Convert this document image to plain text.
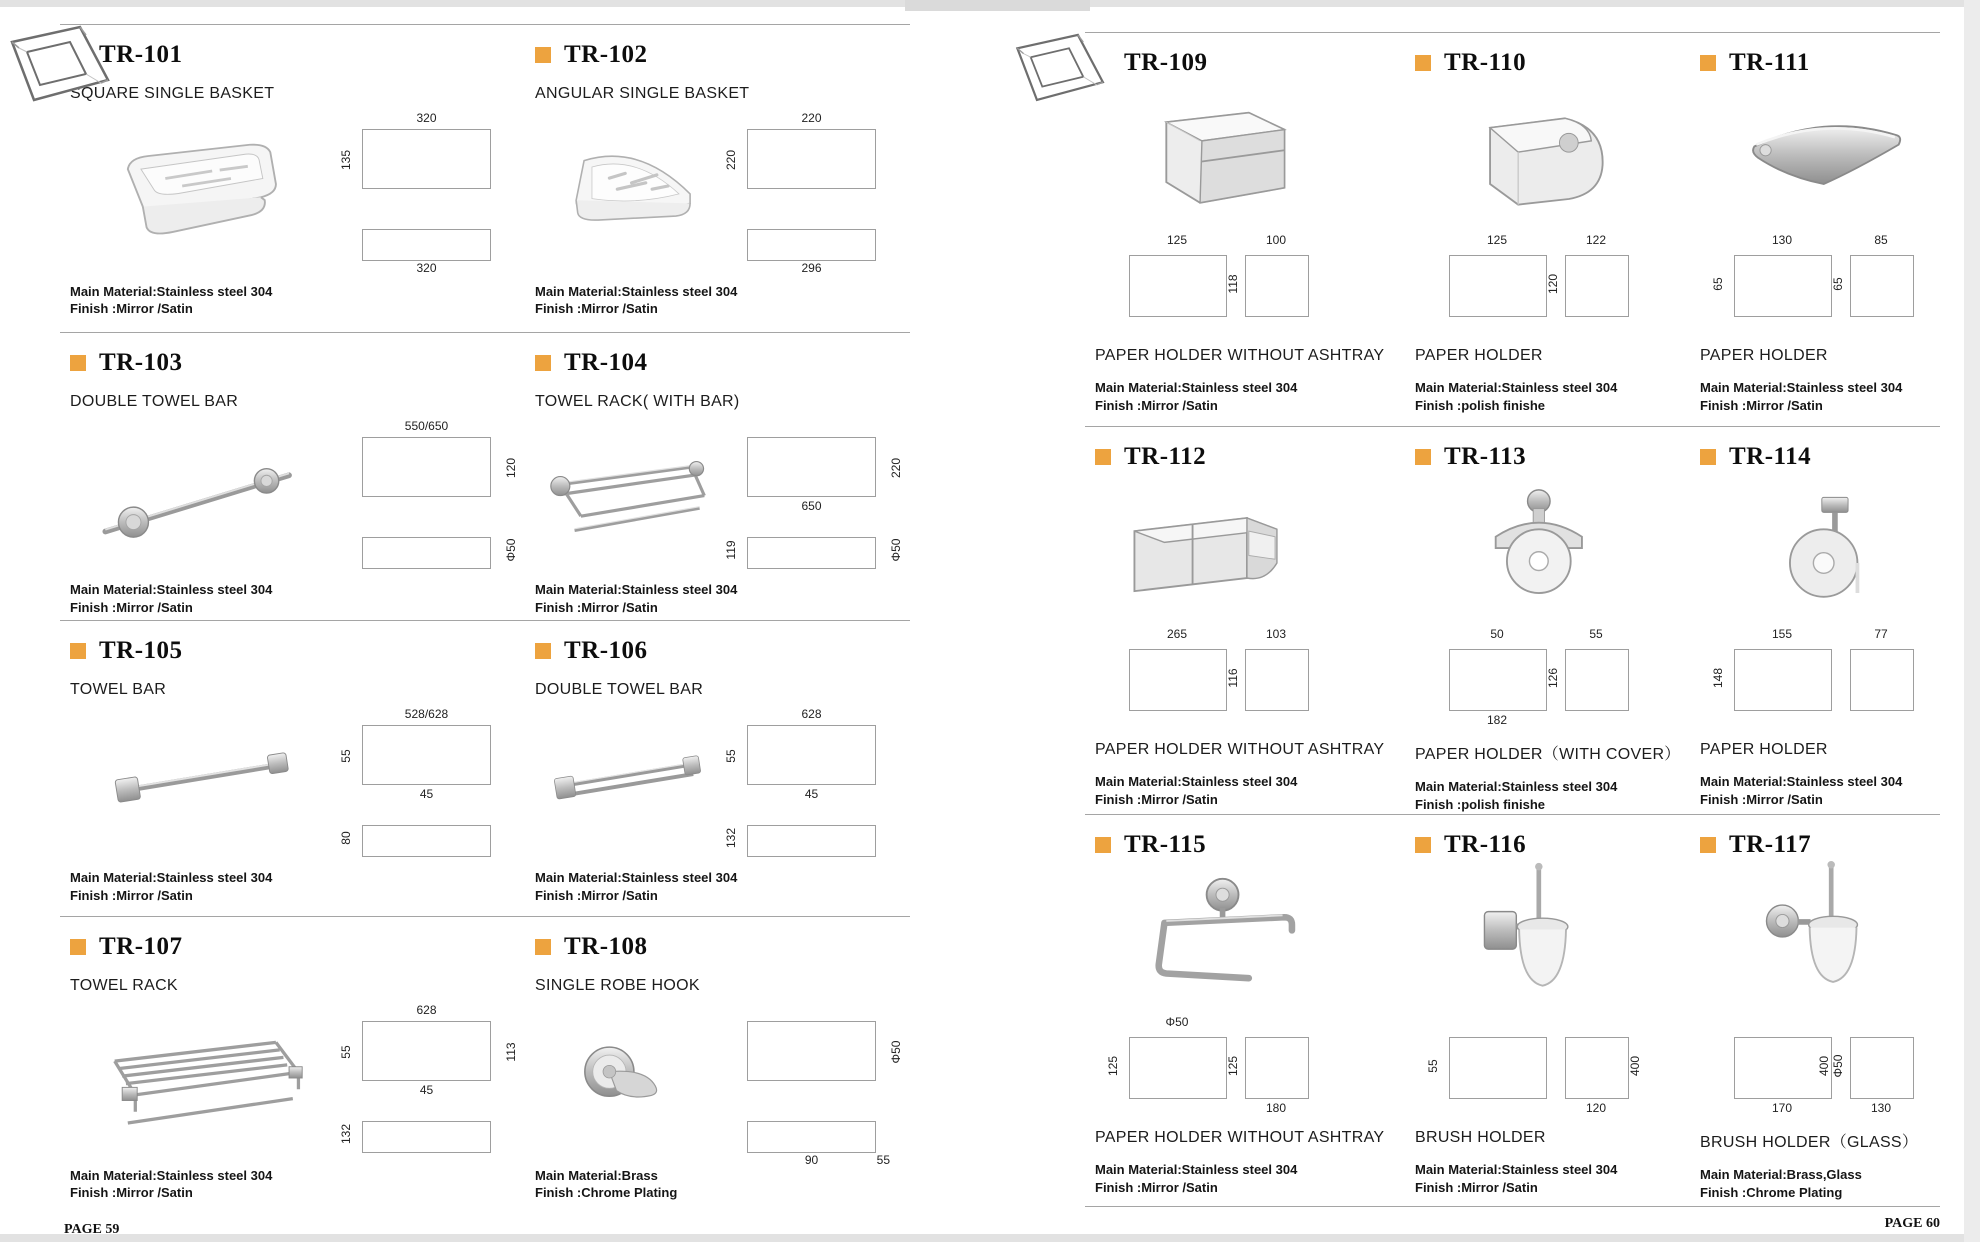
TR-101
SQUARE SINGLE BASKET
320
135
320
Main Material:Stainless steel 304
Finish :Mirror /Satin
TR-102
ANGULAR SINGLE BASKET
220
220
296
Main Material:Stainless steel 304
Finish :Mirror /Satin
TR-103
DOUBLE TOWEL BAR
550/650
120
Φ50
Main Material:Stainless steel 304
Finish :Mirror /Satin
TR-104
TOWEL RACK( WITH BAR)
650
220
119	Φ50
Main Material:Stainless steel 304
Finish :Mirror /Satin
TR-105
TOWEL BAR
528/628
55
45
80
Main Material:Stainless steel 304
Finish :Mirror /Satin
TR-106
DOUBLE TOWEL BAR
628
55
45
132
Main Material:Stainless steel 304
Finish :Mirror /Satin
TR-107
TOWEL RACK
628
55	113
45
132
Main Material:Stainless steel 304
Finish :Mirror /Satin
TR-108
SINGLE ROBE HOOK
90
Φ50
55
Main Material:Brass
Finish :Chrome Plating
TR-109
125	100
118
PAPER HOLDER WITHOUT ASHTRAY
Main Material:Stainless steel 304
Finish :Mirror /Satin
TR-110
125	122
120
PAPER HOLDER
Main Material:Stainless steel 304
Finish :polish finishe
TR-111
130
65
85
65
PAPER HOLDER
Main Material:Stainless steel 304
Finish :Mirror /Satin
TR-112
265	103
116
PAPER HOLDER WITHOUT ASHTRAY
Main Material:Stainless steel 304
Finish :Mirror /Satin
TR-113
50	55
126
182
PAPER HOLDER（WITH COVER）
Main Material:Stainless steel 304
Finish :polish finishe
TR-114
155
148
77
PAPER HOLDER
Main Material:Stainless steel 304
Finish :Mirror /Satin
TR-115
Φ50
125	125
180
PAPER HOLDER WITHOUT ASHTRAY
Main Material:Stainless steel 304
Finish :Mirror /Satin
TR-116
55	400
120
BRUSH HOLDER
Main Material:Stainless steel 304
Finish :Mirror /Satin
TR-117
400 Φ50
170	130
BRUSH HOLDER（GLASS）
Main Material:Brass,Glass
Finish :Chrome Plating
PAGE 59	PAGE 60
